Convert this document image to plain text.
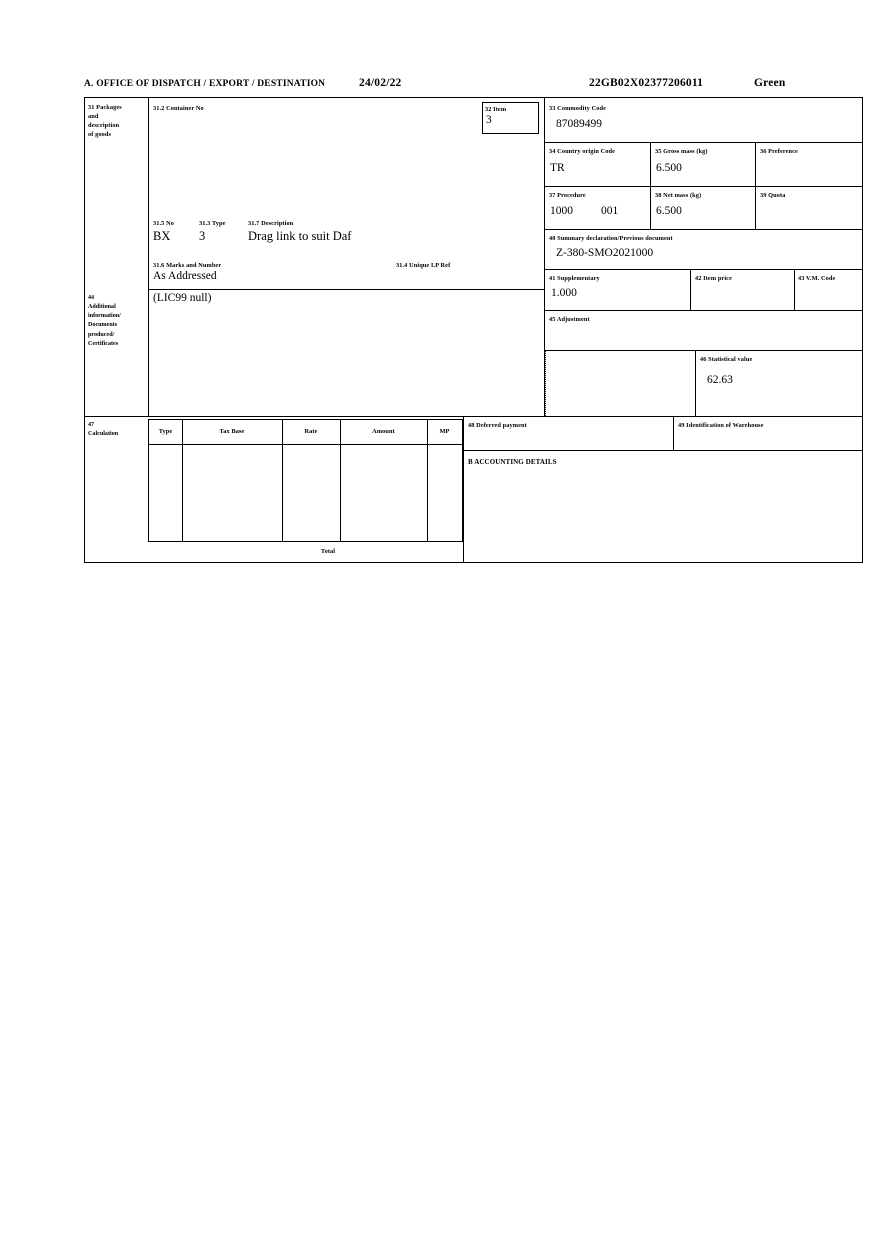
A. OFFICE OF DISPATCH / EXPORT / DESTINATION	24/02/22	22GB02X02377206011	Green
31 Packages
and
description
of goods
31.2 Container No	32 Item
3
31.5 No	31.3 Type	31.7 Description
BX	3	Drag link to suit Daf
31.6 Marks and Number	31.4 Unique LP Ref
As Addressed
33 Commodity Code
87089499
34 Country origin Code
TR
35 Gross mass (kg)
6.500
36 Preference
37 Procedure
1000 001
38 Net mass (kg)
6.500
39 Quota
40 Summary declaration/Previous document
Z-380-SMO2021000
41 Supplementary
1.000
42 Item price	43 V.M. Code
45 Adjustment
46 Statistical value
62.63
44
Additional
information/
Documents
produced/
Certificates
(LIC99 null)
47
Calculation	Type	Tax Base	Rate	Amount	MP
Total
48 Deferred payment	49 Identification of Warehouse
B ACCOUNTING DETAILS
